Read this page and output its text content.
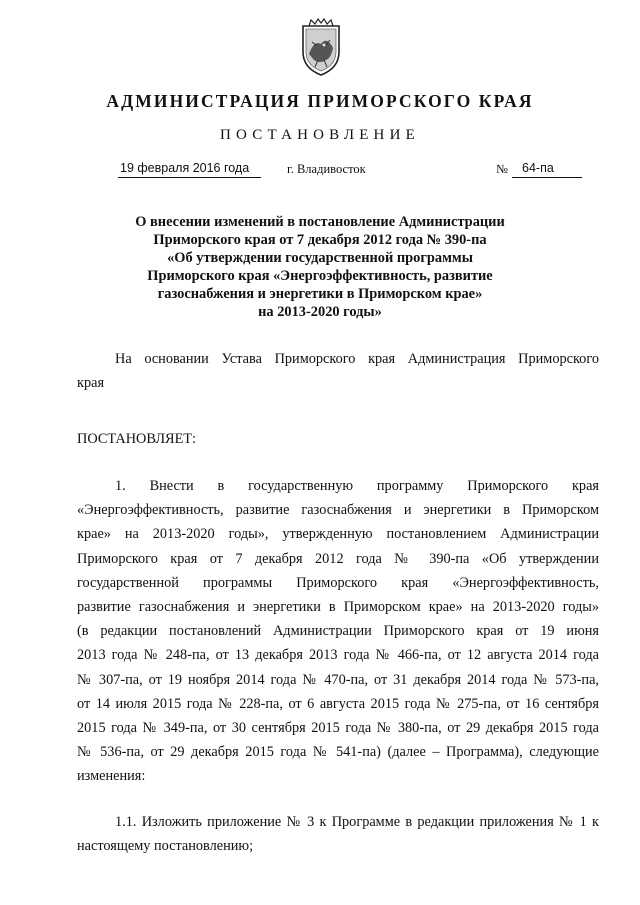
АДМИНИСТРАЦИЯ ПРИМОРСКОГО КРАЯ
ПОСТАНОВЛЕНИЕ
19 февраля 2016 года	г. Владивосток	№	64-па
О внесении изменений в постановление Администрации
Приморского края от 7 декабря 2012 года № 390-па
«Об утверждении государственной программы
Приморского края «Энергоэффективность, развитие
газоснабжения и энергетики в Приморском крае»
на 2013-2020 годы»
На основании Устава Приморского края Администрация Приморского
края
ПОСТАНОВЛЯЕТ:
1. Внести в государственную программу Приморского края
«Энергоэффективность, развитие газоснабжения и энергетики в Приморском
крае» на 2013-2020 годы», утвержденную постановлением Администрации
Приморского края от 7 декабря 2012 года № 390-па «Об утверждении
государственной программы Приморского края «Энергоэффективность,
развитие газоснабжения и энергетики в Приморском крае» на 2013-2020 годы»
(в редакции постановлений Администрации Приморского края от 19 июня
2013 года № 248-па, от 13 декабря 2013 года № 466-па, от 12 августа 2014 года
№ 307-па, от 19 ноября 2014 года № 470-па, от 31 декабря 2014 года № 573-па,
от 14 июля 2015 года № 228-па, от 6 августа 2015 года № 275-па, от 16 сентября
2015 года № 349-па, от 30 сентября 2015 года № 380-па, от 29 декабря 2015 года
№ 536-па, от 29 декабря 2015 года № 541-па) (далее – Программа), следующие
изменения:
1.1. Изложить приложение № 3 к Программе в редакции приложения № 1 к
настоящему постановлению;
